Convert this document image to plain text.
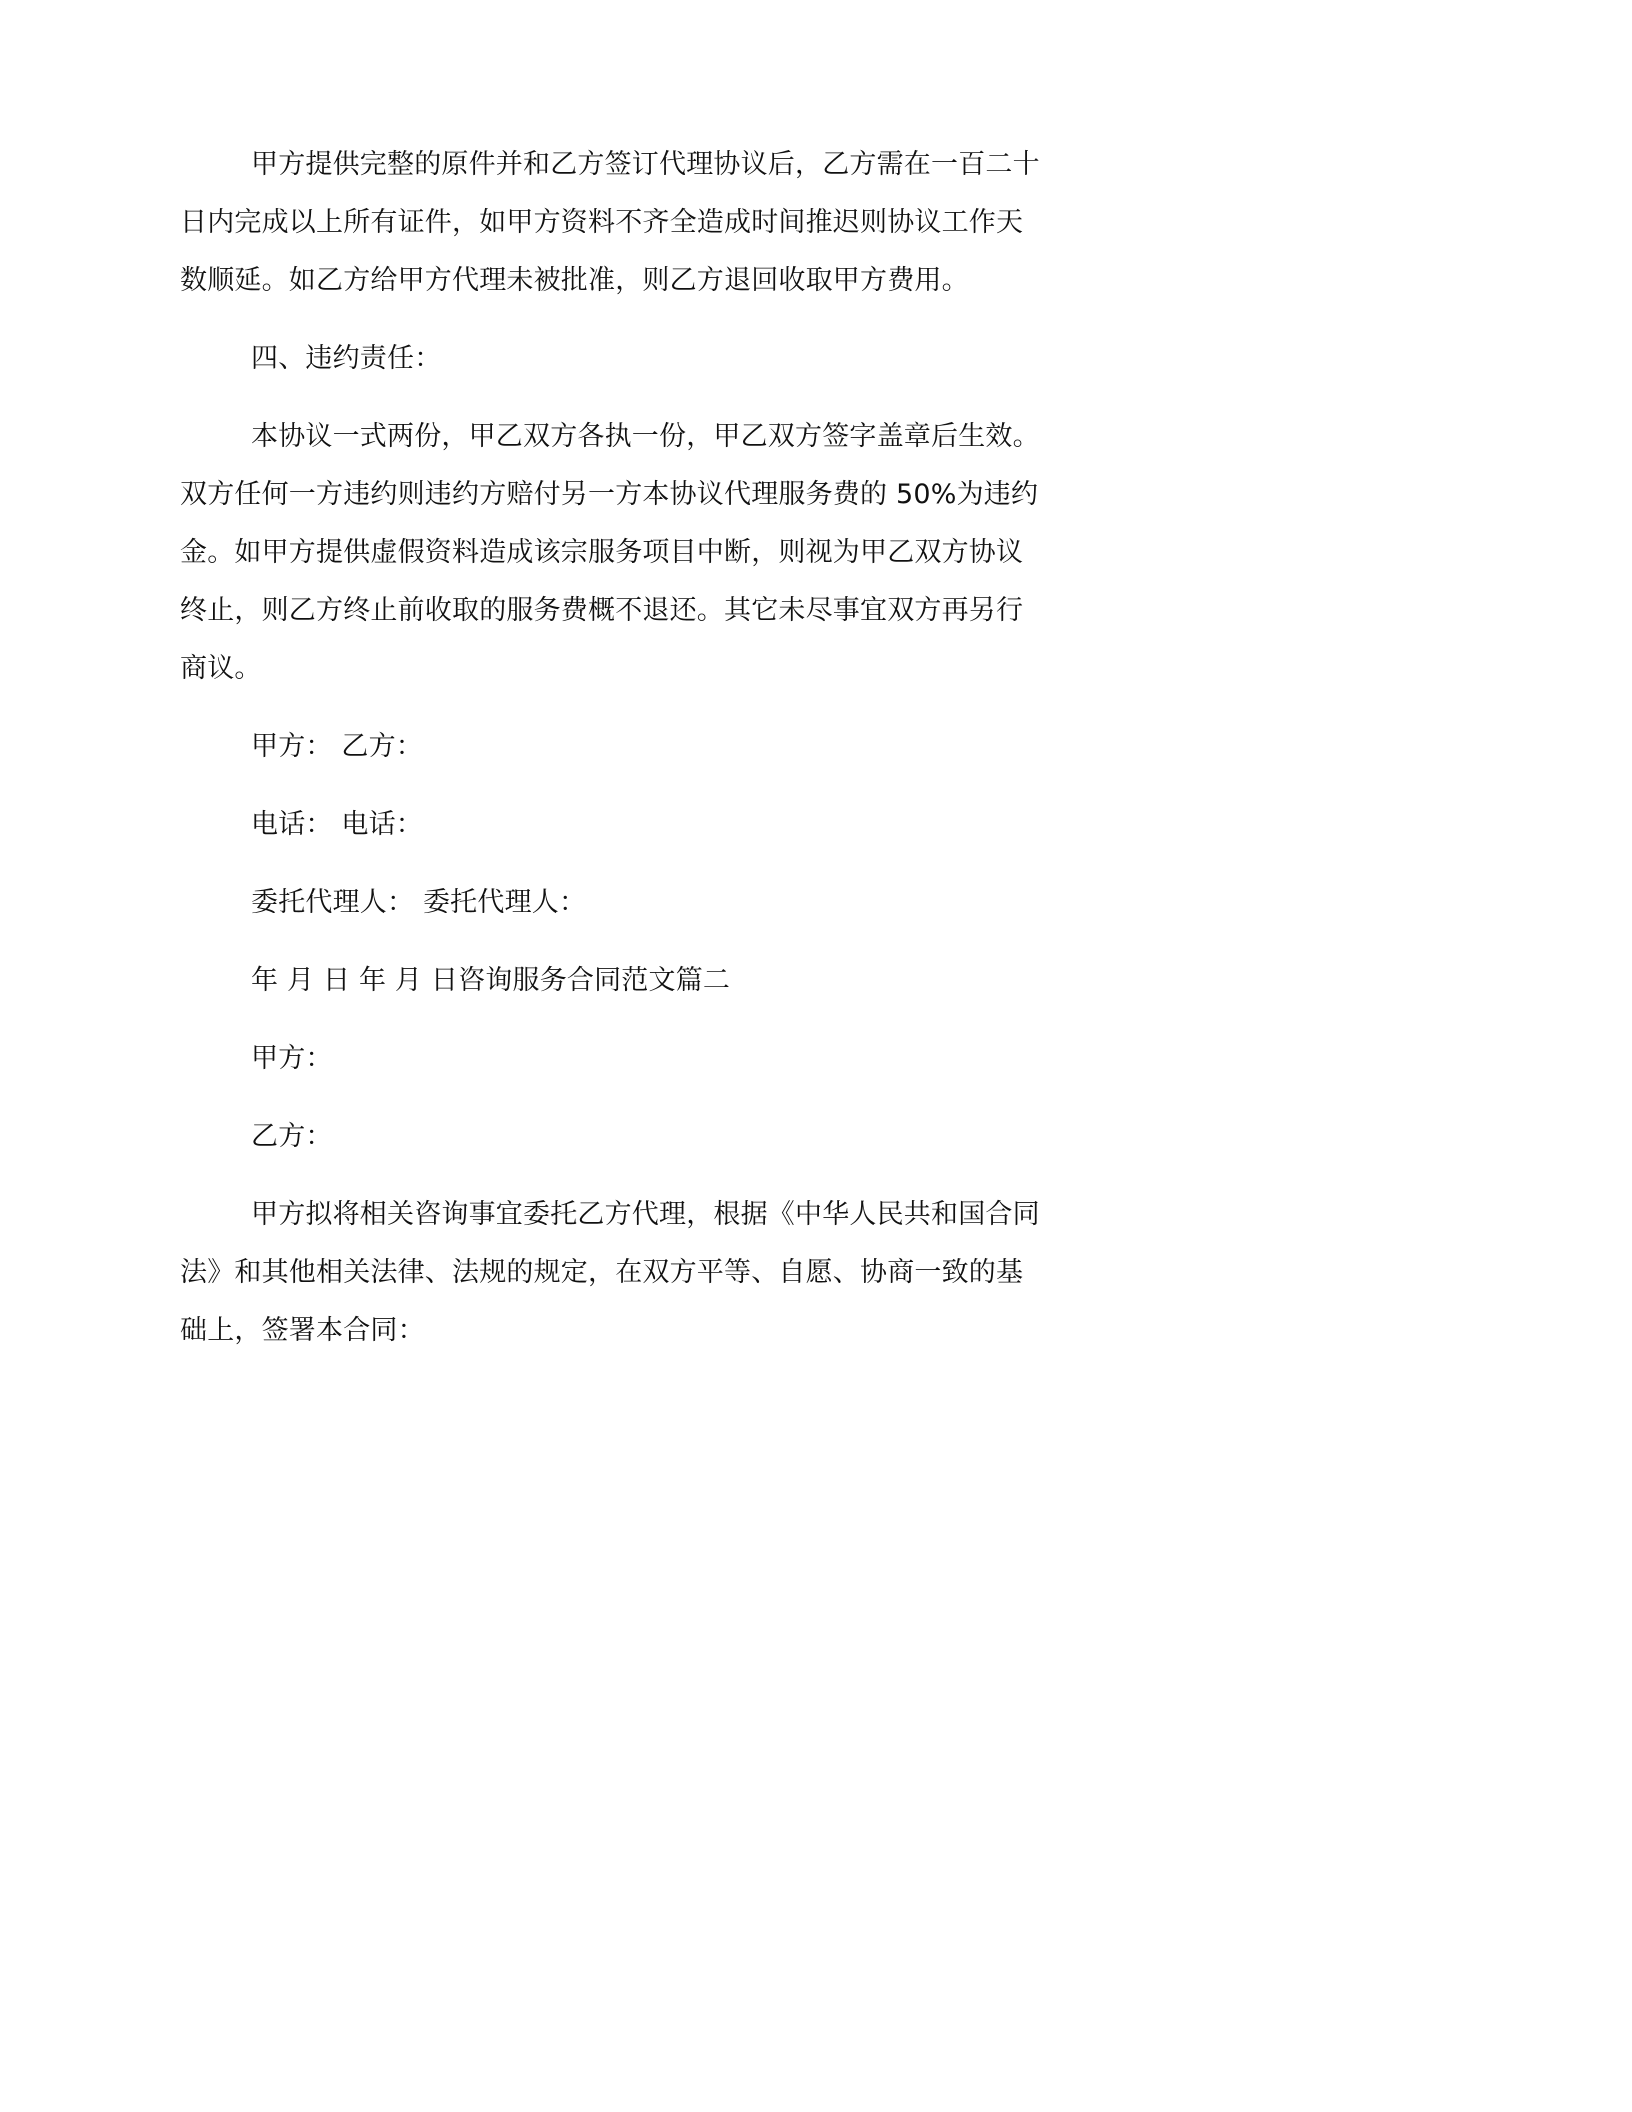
甲方提供完整的原件并和乙方签订代理协议后，乙方需在一百二十日内完成以上所有证件，如甲方资料不齐全造成时间推迟则协议工作天数顺延。如乙方给甲方代理未被批准，则乙方退回收取甲方费用。

四、违约责任：

本协议一式两份，甲乙双方各执一份，甲乙双方签字盖章后生效。双方任何一方违约则违约方赔付另一方本协议代理服务费的 50%为违约金。如甲方提供虚假资料造成该宗服务项目中断，则视为甲乙双方协议终止，则乙方终止前收取的服务费概不退还。其它未尽事宜双方再另行商议。

甲方： 乙方：

电话： 电话：

委托代理人： 委托代理人：

年 月 日 年 月 日咨询服务合同范文篇二

甲方：

乙方：

甲方拟将相关咨询事宜委托乙方代理，根据《中华人民共和国合同法》和其他相关法律、法规的规定，在双方平等、自愿、协商一致的基础上，签署本合同：
